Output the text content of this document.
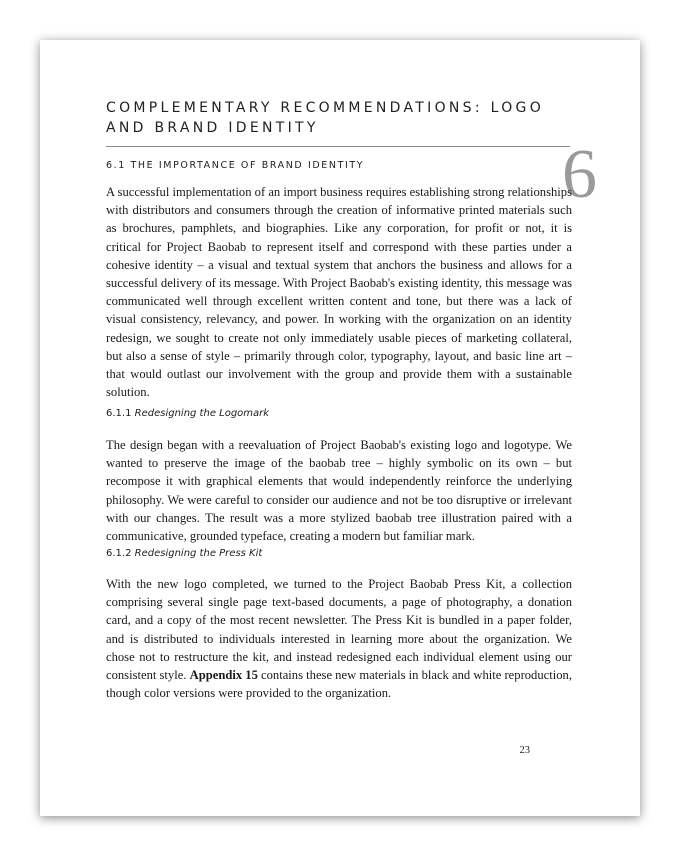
COMPLEMENTARY RECOMMENDATIONS: LOGO AND BRAND IDENTITY
6
6.1 THE IMPORTANCE OF BRAND IDENTITY

A successful implementation of an import business requires establishing strong relationships with distributors and consumers through the creation of informative printed materials such as brochures, pamphlets, and biographies. Like any corporation, for profit or not, it is critical for Project Baobab to represent itself and correspond with these parties under a cohesive identity – a visual and textual system that anchors the business and allows for a successful delivery of its message. With Project Baobab's existing identity, this message was communicated well through excellent written content and tone, but there was a lack of visual consistency, relevancy, and power. In working with the organization on an identity redesign, we sought to create not only immediately usable pieces of marketing collateral, but also a sense of style – primarily through color, typography, layout, and basic line art – that would outlast our involvement with the group and provide them with a sustainable solution.

6.1.1 Redesigning the Logomark

The design began with a reevaluation of Project Baobab's existing logo and logotype. We wanted to preserve the image of the baobab tree – highly symbolic on its own – but recompose it with graphical elements that would independently reinforce the underlying philosophy. We were careful to consider our audience and not be too disruptive or irrelevant with our changes. The result was a more stylized baobab tree illustration paired with a communicative, grounded typeface, creating a modern but familiar mark.

6.1.2 Redesigning the Press Kit

With the new logo completed, we turned to the Project Baobab Press Kit, a collection comprising several single page text-based documents, a page of photography, a donation card, and a copy of the most recent newsletter. The Press Kit is bundled in a paper folder, and is distributed to individuals interested in learning more about the organization. We chose not to restructure the kit, and instead redesigned each individual element using our consistent style. Appendix 15 contains these new materials in black and white reproduction, though color versions were provided to the organization.

23
